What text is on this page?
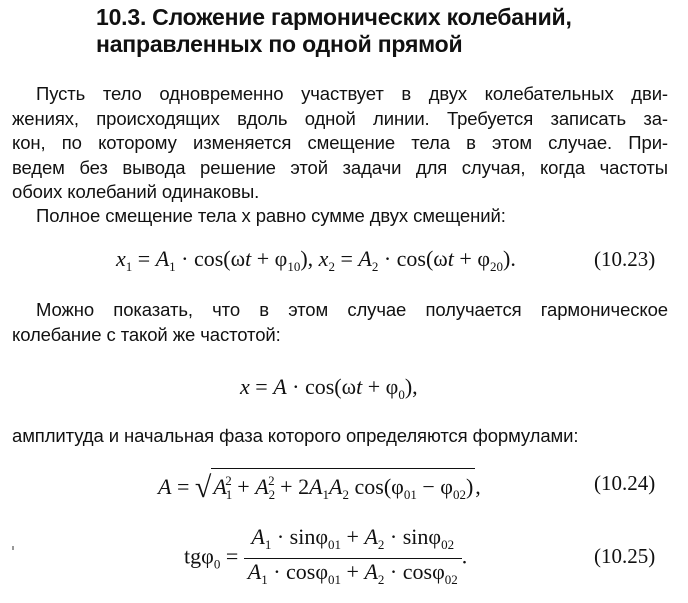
10.3. Сложение гармонических колебаний,
направленных по одной прямой
Пусть тело одновременно участвует в двух колебательных дви-
жениях, происходящих вдоль одной линии. Требуется записать за-
кон, по которому изменяется смещение тела в этом случае. При-
ведем без вывода решение этой задачи для случая, когда частоты
обоих колебаний одинаковы.
Полное смещение тела x равно сумме двух смещений:
$x_1 = A_1 \cdot \cos(\omega t + \varphi_{10})$, $x_2 = A_2 \cdot \cos(\omega t + \varphi_{20})$.	(10.23)
Можно показать, что в этом случае получается гармоническое
колебание с такой же частотой:
$x = A \cdot \cos(\omega t + \varphi_0)$,
амплитуда и начальная фаза которого определяются формулами:
$A = √A_1^2 + A_2^2 + 2A_1A_2$ $\cos(\varphi_{01} - \varphi_{02})$,	(10.24)
$tg\varphi_0 = \frac{A_1 \cdot \sin\varphi_{01} + A_2 \cdot \sin\varphi_{02}}{A_1 \cdot \cos\varphi_{01} + A_2 \cdot \cos\varphi_{02}}$ .	(10.25)
